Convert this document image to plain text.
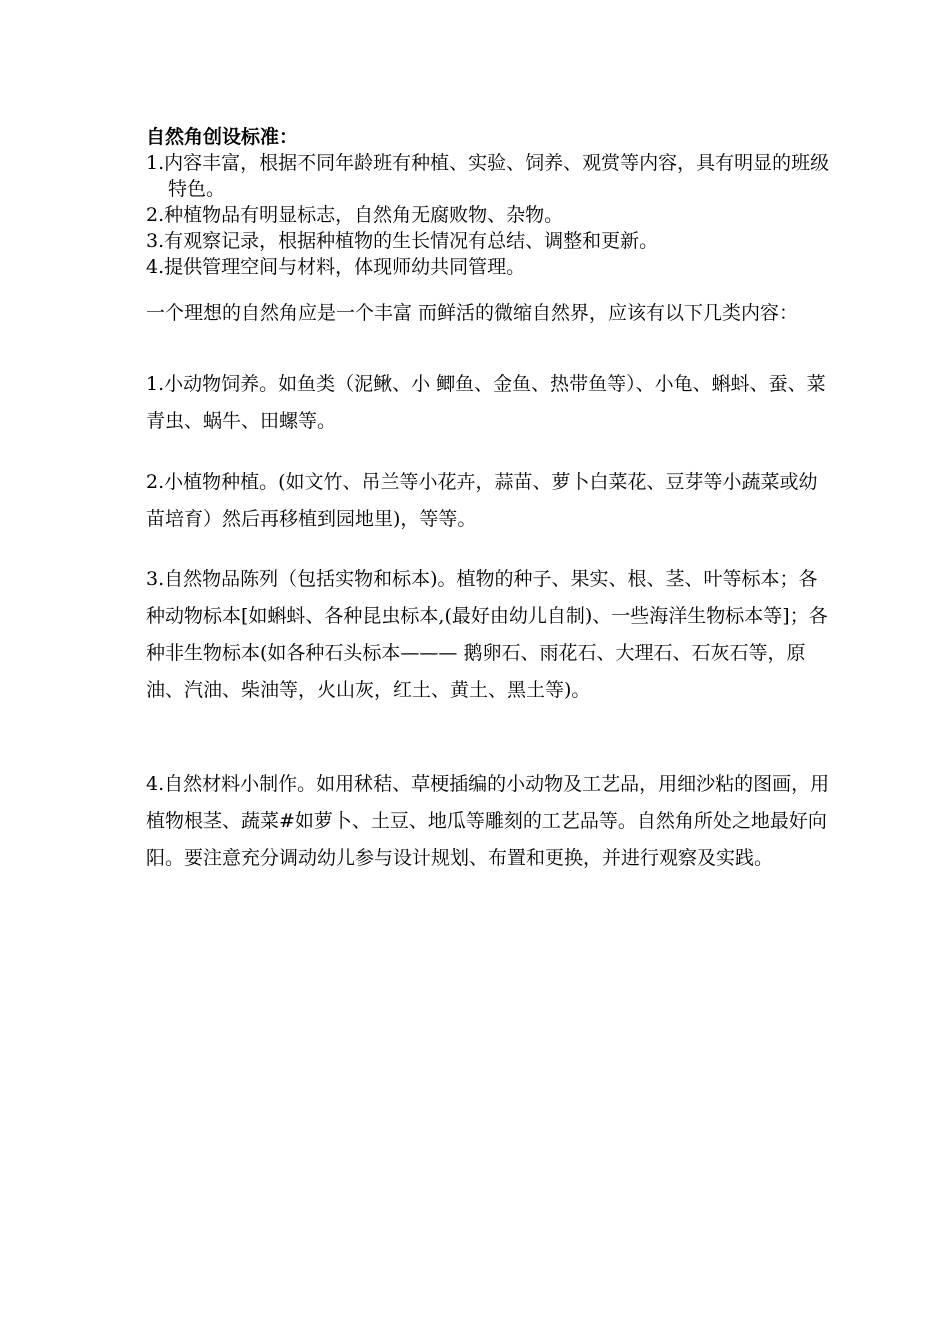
自然角创设标准：

1.内容丰富，根据不同年龄班有种植、实验、饲养、观赏等内容，具有明显的班级特色。
2.种植物品有明显标志，自然角无腐败物、杂物。
3.有观察记录，根据种植物的生长情况有总结、调整和更新。
4.提供管理空间与材料，体现师幼共同管理。

一个理想的自然角应是一个丰富 而鲜活的微缩自然界，应该有以下几类内容：

1.小动物饲养。如鱼类（泥鳅、小 鲫鱼、金鱼、热带鱼等）、小龟、蝌蚪、蚕、菜青虫、蜗牛、田螺等。

2.小植物种植。(如文竹、吊兰等小花卉，蒜苗、萝卜白菜花、豆芽等小蔬菜或幼苗培育）然后再移植到园地里)，等等。

3.自然物品陈列（包括实物和标本)。植物的种子、果实、根、茎、叶等标本；各种动物标本[如蝌蚪、各种昆虫标本,(最好由幼儿自制)、一些海洋生物标本等]；各种非生物标本(如各种石头标本——— 鹅卵石、雨花石、大理石、石灰石等，原油、汽油、柴油等，火山灰，红土、黄土、黑土等)。

4.自然材料小制作。如用秫秸、草梗插编的小动物及工艺品，用细沙粘的图画，用植物根茎、蔬菜#如萝卜、土豆、地瓜等雕刻的工艺品等。自然角所处之地最好向阳。要注意充分调动幼儿参与设计规划、布置和更换，并进行观察及实践。
